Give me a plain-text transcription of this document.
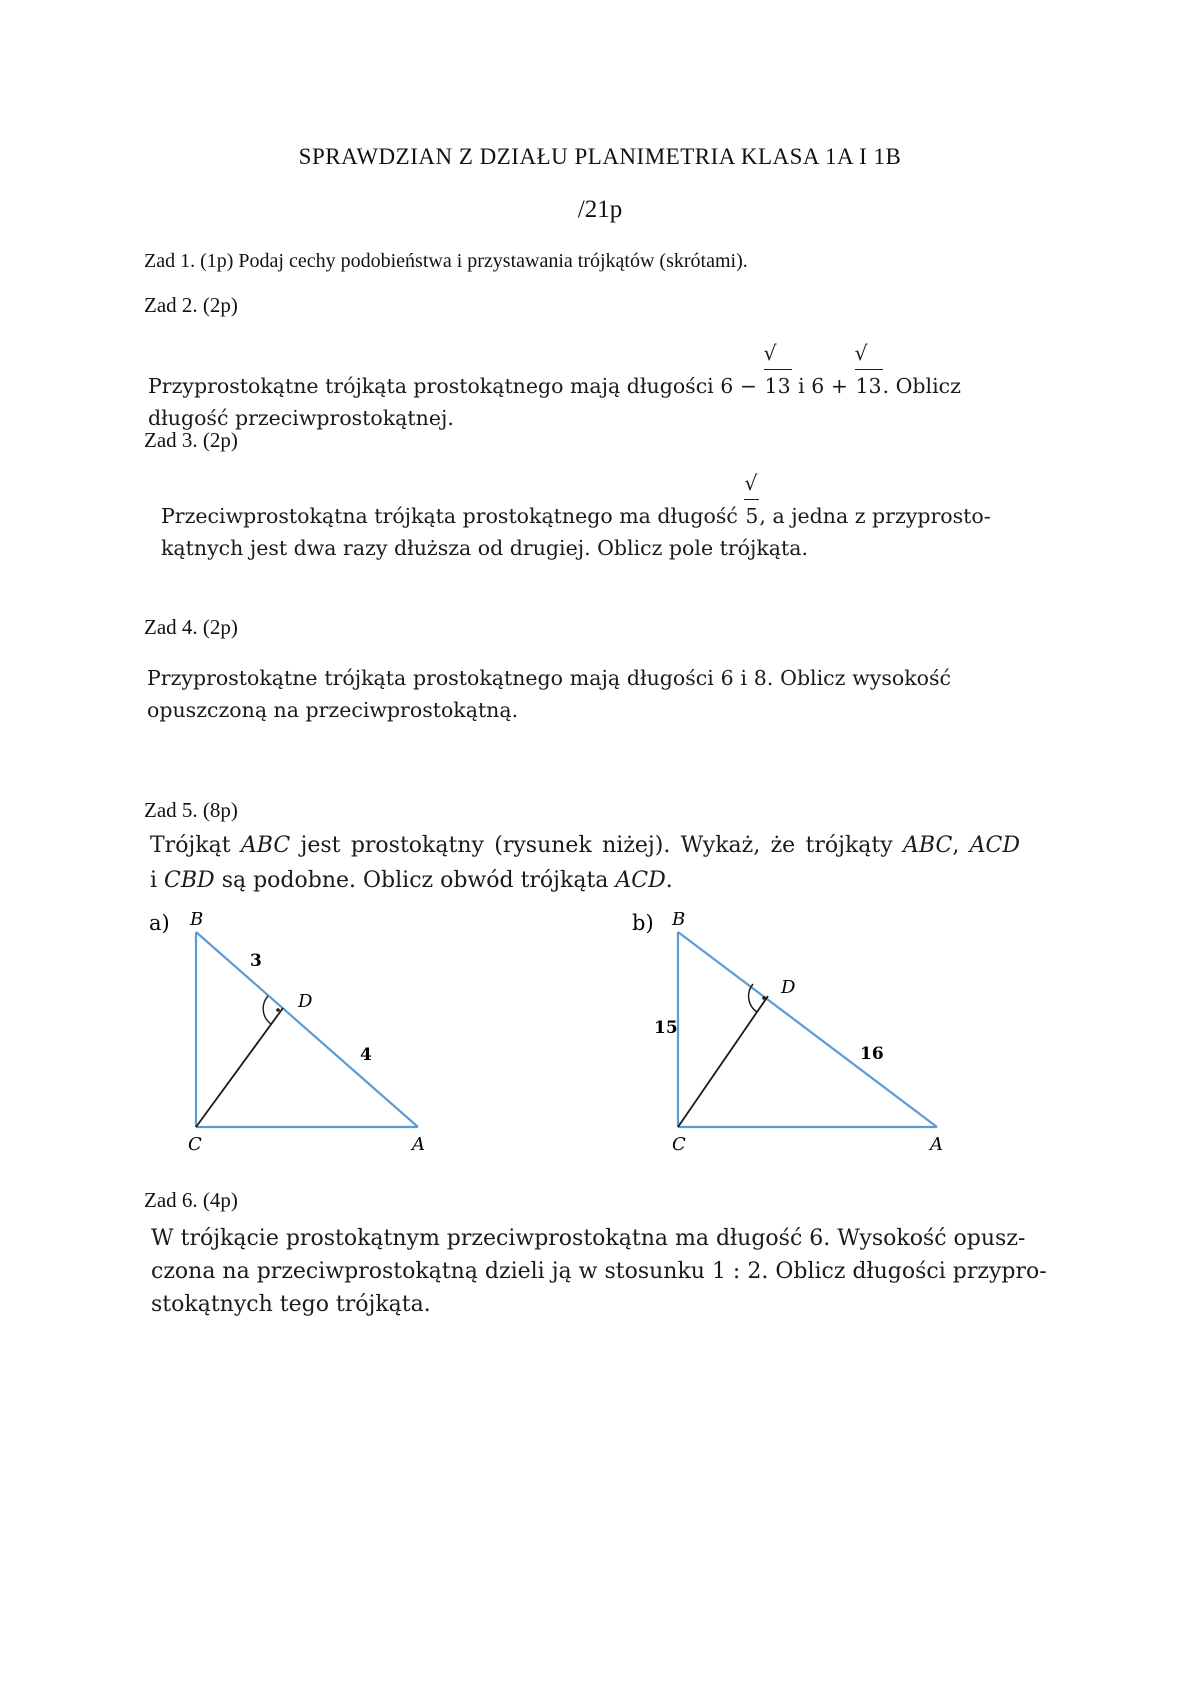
SPRAWDZIAN Z DZIAŁU PLANIMETRIA KLASA 1A I 1B
/21p
Zad 1. (1p) Podaj cechy podobieństwa i przystawania trójkątów (skrótami).
Zad 2. (2p)
Przyprostokątne trójkąta prostokątnego mają długości 6 − √
13 i 6 + √
13 . Oblicz
długość przeciwprostokątnej.
Zad 3. (2p)
Przeciwprostokątna trójkąta prostokątnego ma długość √
5 , a jedna z przyprosto-
kątnych jest dwa razy dłuższa od drugiej. Oblicz pole trójkąta.
Zad 4. (2p)
Przyprostokątne trójkąta prostokątnego mają długości 6 i 8. Oblicz wysokość
opuszczoną na przeciwprostokątną.
Zad 5. (8p)
Trójkąt ABC jest prostokątny (rysunek niżej). Wykaż, że trójkąty ABC, ACD
i CBD są podobne. Oblicz obwód trójkąta ACD.
a) B
C	A
D
3
4
b) B
C	A
D
15
16
Zad 6. (4p)
W trójkącie prostokątnym przeciwprostokątna ma długość 6. Wysokość opusz-
czona na przeciwprostokątną dzieli ją w stosunku 1 : 2. Oblicz długości przypro-
stokątnych tego trójkąta.
